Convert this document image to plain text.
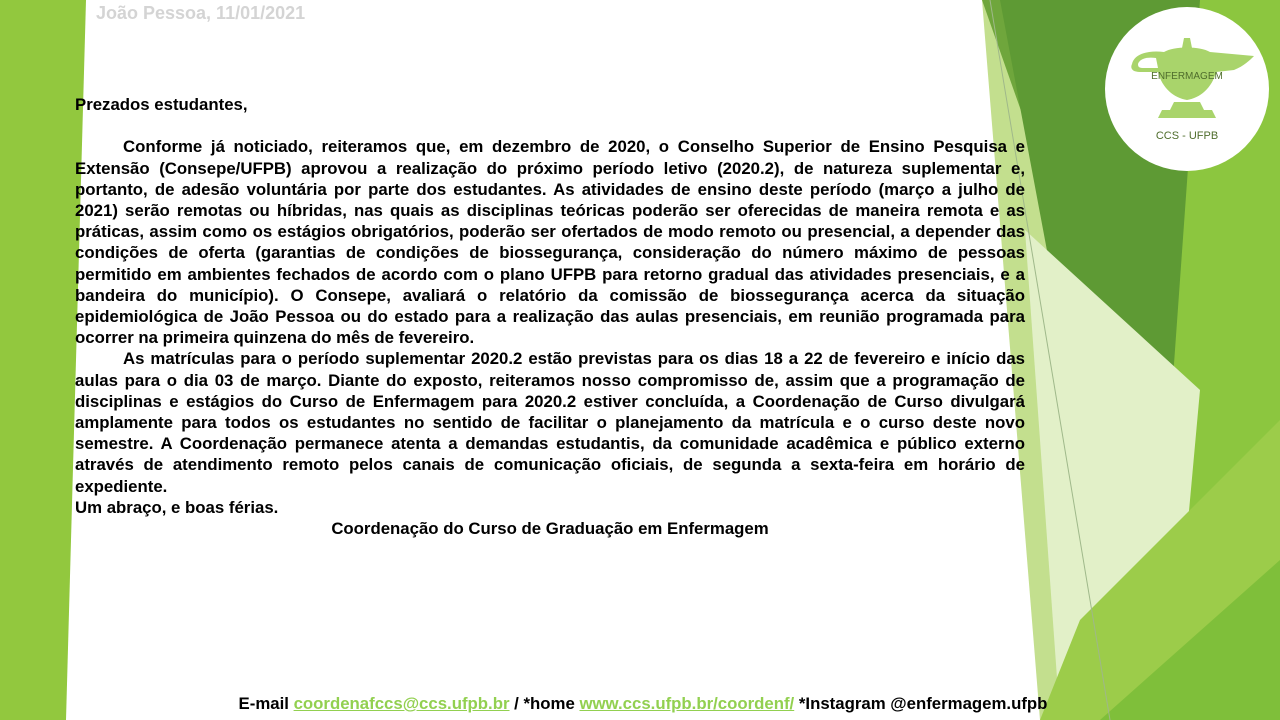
João Pessoa, 11/01/2021
ENFERMAGEM
CCS - UFPB

Prezados estudantes,

Conforme já noticiado, reiteramos que, em dezembro de 2020, o Conselho Superior de Ensino Pesquisa e Extensão (Consepe/UFPB) aprovou a realização do próximo período letivo (2020.2), de natureza suplementar e, portanto, de adesão voluntária por parte dos estudantes. As atividades de ensino deste período (março a julho de 2021) serão remotas ou híbridas, nas quais as disciplinas teóricas poderão ser oferecidas de maneira remota e as práticas, assim como os estágios obrigatórios, poderão ser ofertados de modo remoto ou presencial, a depender das condições de oferta (garantias de condições de biossegurança, consideração do número máximo de pessoas permitido em ambientes fechados de acordo com o plano UFPB para retorno gradual das atividades presenciais, e a bandeira do município). O Consepe, avaliará o relatório da comissão de biossegurança acerca da situação epidemiológica de João Pessoa ou do estado para a realização das aulas presenciais, em reunião programada para ocorrer na primeira quinzena do mês de fevereiro.

As matrículas para o período suplementar 2020.2 estão previstas para os dias 18 a 22 de fevereiro e início das aulas para o dia 03 de março. Diante do exposto, reiteramos nosso compromisso de, assim que a programação de disciplinas e estágios do Curso de Enfermagem para 2020.2 estiver concluída, a Coordenação de Curso divulgará amplamente para todos os estudantes no sentido de facilitar o planejamento da matrícula e o curso deste novo semestre. A Coordenação permanece atenta a demandas estudantis, da comunidade acadêmica e público externo através de atendimento remoto pelos canais de comunicação oficiais, de segunda a sexta-feira em horário de expediente.

Um abraço, e boas férias.

Coordenação do Curso de Graduação em Enfermagem

E-mail coordenafccs@ccs.ufpb.br / *home www.ccs.ufpb.br/coordenf/ *Instagram @enfermagem.ufpb
